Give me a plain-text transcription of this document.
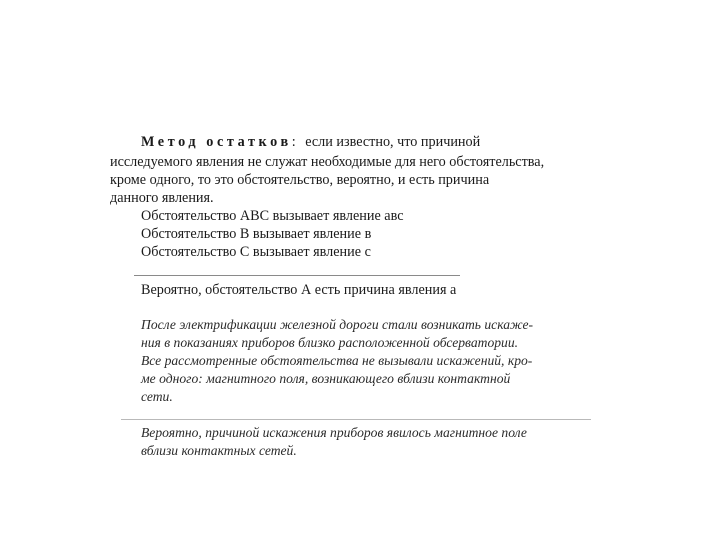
Метод остатков: если известно, что причиной
исследуемого явления не служат необходимые для него обстоятельства,
кроме одного, то это обстоятельство, вероятно, и есть причина
данного явления.
Обстоятельство АВС вызывает явление авс
Обстоятельство В вызывает явление в
Обстоятельство С вызывает явление с
Вероятно, обстоятельство А есть причина явления а
После электрификации железной дороги стали возникать искаже-
ния в показаниях приборов близко расположенной обсерватории.
Все рассмотренные обстоятельства не вызывали искажений, кро-
ме одного: магнитного поля, возникающего вблизи контактной
сети.
Вероятно, причиной искажения приборов явилось магнитное поле
вблизи контактных сетей.
